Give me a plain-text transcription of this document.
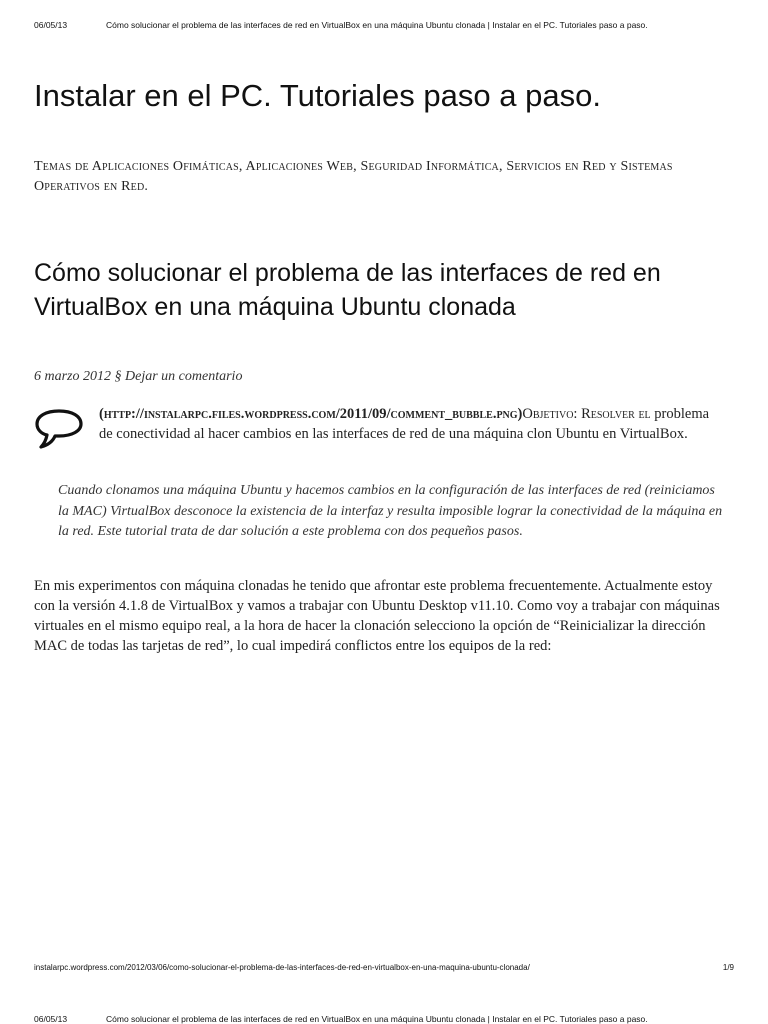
06/05/13	Cómo solucionar el problema de las interfaces de red en VirtualBox en una máquina Ubuntu clonada | Instalar en el PC. Tutoriales paso a paso.
Instalar en el PC. Tutoriales paso a paso.

Temas de Aplicaciones Ofimáticas, Aplicaciones Web, Seguridad Informática, Servicios en Red y Sistemas Operativos en Red.

Cómo solucionar el problema de las interfaces de red en VirtualBox en una máquina Ubuntu clonada
6 marzo 2012 § Dejar un comentario

(http://instalarpc.files.wordpress.com/2011/09/comment_bubble.png)Objetivo: Resolver el problema de conectividad al hacer cambios en las interfaces de red de una máquina clon Ubuntu en VirtualBox.

Cuando clonamos una máquina Ubuntu y hacemos cambios en la configuración de las interfaces de red (reiniciamos la MAC) VirtualBox desconoce la existencia de la interfaz y resulta imposible lograr la conectividad de la máquina en la red. Este tutorial trata de dar solución a este problema con dos pequeños pasos.

En mis experimentos con máquina clonadas he tenido que afrontar este problema frecuentemente. Actualmente estoy con la versión 4.1.8 de VirtualBox y vamos a trabajar con Ubuntu Desktop v11.10. Como voy a trabajar con máquinas virtuales en el mismo equipo real, a la hora de hacer la clonación selecciono la opción de “Reinicializar la dirección MAC de todas las tarjetas de red”, lo cual impedirá conflictos entre los equipos de la red:

instalarpc.wordpress.com/2012/03/06/como-solucionar-el-problema-de-las-interfaces-de-red-en-virtualbox-en-una-maquina-ubuntu-clonada/	1/9
06/05/13	Cómo solucionar el problema de las interfaces de red en VirtualBox en una máquina Ubuntu clonada | Instalar en el PC. Tutoriales paso a paso.
